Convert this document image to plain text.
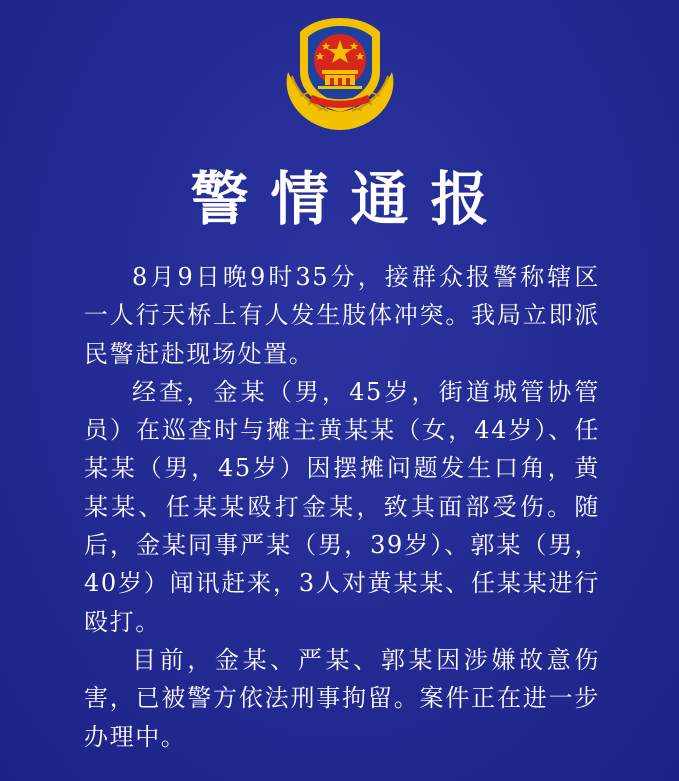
警情通报

8月9日晚9时35分，接群众报警称辖区一人行天桥上有人发生肢体冲突。我局立即派民警赶赴现场处置。

经查，金某（男，45岁，街道城管协管员）在巡查时与摊主黄某某（女，44岁）、任某某（男，45岁）因摆摊问题发生口角，黄某某、任某某殴打金某，致其面部受伤。随后，金某同事严某（男，39岁）、郭某（男，40岁）闻讯赶来，3人对黄某某、任某某进行殴打。

目前，金某、严某、郭某因涉嫌故意伤害，已被警方依法刑事拘留。案件正在进一步办理中。
